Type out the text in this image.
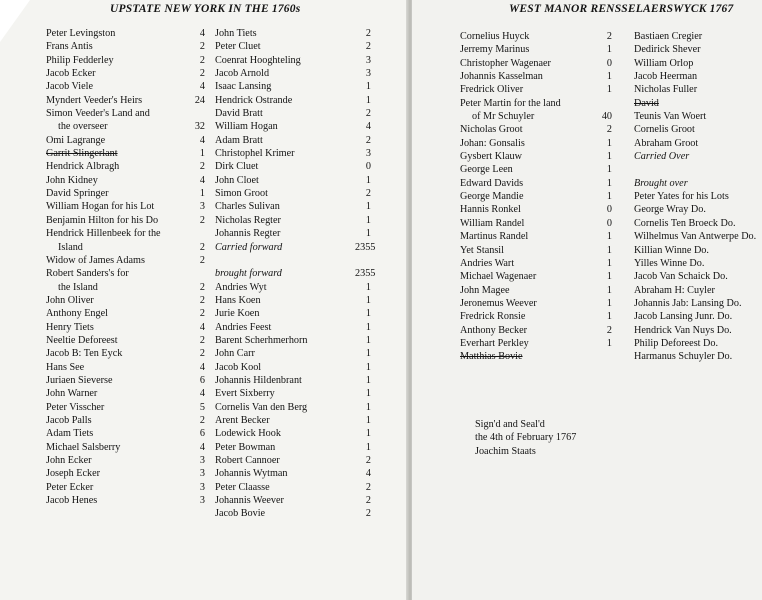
UPSTATE NEW YORK IN THE 1760s
Peter Levingston	4
Frans Antis	2
Philip Fedderley	2
Jacob Ecker	2
Jacob Viele	4
Myndert Veeder's Heirs	24
Simon Veeder's Land and
the overseer	32
Omi Lagrange	4
Garrit Slingerlant	1
Hendrick Albragh	2
John Kidney	4
David Springer	1
William Hogan for his Lot	3
Benjamin Hilton for his Do	2
Hendrick Hillenbeek for the
Island	2
Widow of James Adams	2
Robert Sanders's for
the Island	2
John Oliver	2
Anthony Engel	2
Henry Tiets	4
Neeltie Deforeest	2
Jacob B: Ten Eyck	2
Hans See	4
Juriaen Sieverse	6
John Warner	4
Peter Visscher	5
Jacob Palls	2
Adam Tiets	6
Michael Salsberry	4
John Ecker	3
Joseph Ecker	3
Peter Ecker	3
Jacob Henes	3
John Tiets	2
Peter Cluet	2
Coenrat Hooghteling	3
Jacob Arnold	3
Isaac Lansing	1
Hendrick Ostrande	1
David Bratt	2
William Hogan	4
Adam Bratt	2
Christophel Krimer	3
Dirk Cluet	0
John Cloet	1
Simon Groot	2
Charles Sulivan	1
Nicholas Regter	1
Johannis Regter	1
Carried forward	2355
brought forward	2355
Andries Wyt	1
Hans Koen	1
Jurie Koen	1
Andries Feest	1
Barent Scherhmerhorn	1
John Carr	1
Jacob Kool	1
Johannis Hildenbrant	1
Evert Sixberry	1
Cornelis Van den Berg	1
Arent Becker	1
Lodewick Hook	1
Peter Bowman	1
Robert Cannoer	2
Johannis Wytman	4
Peter Claasse	2
Johannis Weever	2
Jacob Bovie	2
WEST MANOR RENSSELAERSWYCK 1767
Cornelius Huyck	2
Jerremy Marinus	1
Christopher Wagenaer	0
Johannis Kasselman	1
Fredrick Oliver	1
Peter Martin for the land
of Mr Schuyler	40
Nicholas Groot	2
Johan: Gonsalis	1
Gysbert Klauw	1
George Leen	1
Edward Davids	1
George Mandie	1
Hannis Ronkel	0
William Randel	0
Martinus Randel	1
Yet Stansil	1
Andries Wart	1
Michael Wagenaer	1
John Magee	1
Jeronemus Weever	1
Fredrick Ronsie	1
Anthony Becker	2
Everhart Perkley	1
Matthias Bovie
Bastiaen Cregier
Dedirick Shever
William Orlop
Jacob Heerman
Nicholas Fuller
David
Teunis Van Woert
Cornelis Groot
Abraham Groot
Carried Over
Brought over
Peter Yates for his Lots
George Wray Do.
Cornelis Ten Broeck Do.
Wilhelmus Van Antwerpe Do.
Killian Winne Do.
Yilles Winne Do.
Jacob Van Schaick Do.
Abraham H: Cuyler
Johannis Jab: Lansing Do.
Jacob Lansing Junr. Do.
Hendrick Van Nuys Do.
Philip Deforeest Do.
Harmanus Schuyler Do.
Sign'd and Seal'd
the 4th of February 1767
Joachim Staats
